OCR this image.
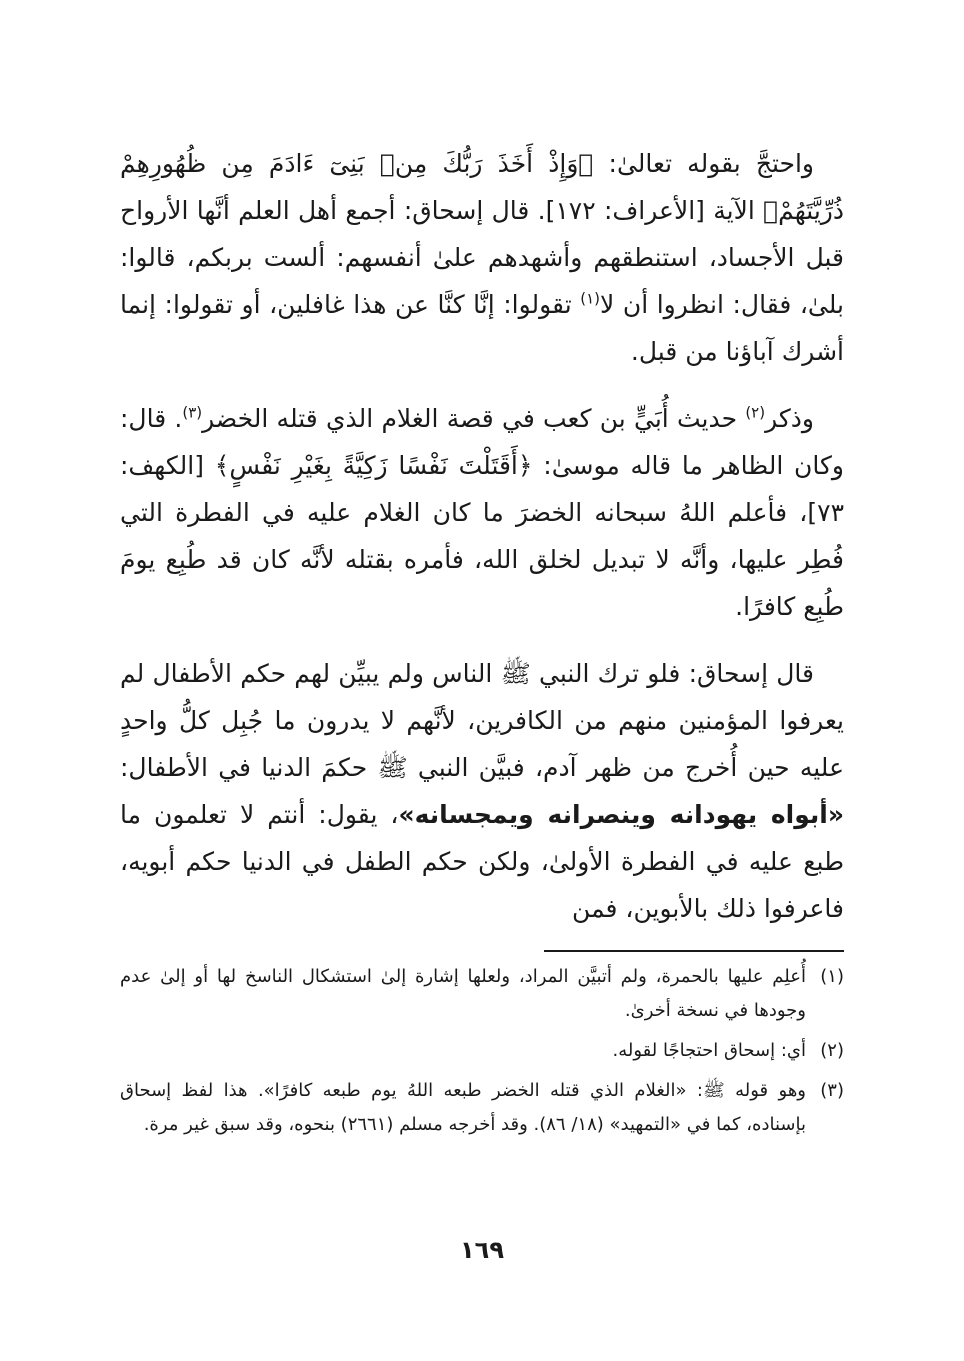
واحتجَّ بقوله تعالىٰ: ﴿وَإِذْ أَخَذَ رَبُّكَ مِنۢ بَنِىٓ ءَادَمَ مِن ظُهُورِهِمْ ذُرِّيَّتَهُمْ﴾ الآية [الأعراف: ١٧٢]. قال إسحاق: أجمع أهل العلم أنَّها الأرواح قبل الأجساد، استنطقهم وأشهدهم علىٰ أنفسهم: ألست بربكم، قالوا: بلىٰ، فقال: انظروا أن لا$^{(١)}$ تقولوا: إنَّا كنَّا عن هذا غافلين، أو تقولوا: إنما أشرك آباؤنا من قبل.

وذكر$^{(٢)}$ حديث أُبَيٍّ بن كعب في قصة الغلام الذي قتله الخضر$^{(٣)}$. قال: وكان الظاهر ما قاله موسىٰ: ﴿أَقَتَلْتَ نَفْسًا زَكِيَّةً بِغَيْرِ نَفْسٍ﴾ [الكهف: ٧٣]، فأعلم اللهُ سبحانه الخضرَ ما كان الغلام عليه في الفطرة التي فُطِر عليها، وأنَّه لا تبديل لخلق الله، فأمره بقتله لأنَّه كان قد طُبِع يومَ طُبِع كافرًا.

قال إسحاق: فلو ترك النبي ﷺ الناس ولم يبيِّن لهم حكم الأطفال لم يعرفوا المؤمنين منهم من الكافرين، لأنَّهم لا يدرون ما جُبِل كلُّ واحدٍ عليه حين أُخرج من ظهر آدم، فبيَّن النبي ﷺ حكمَ الدنيا في الأطفال: «أبواه يهودانه وينصرانه ويمجسانه»، يقول: أنتم لا تعلمون ما طبع عليه في الفطرة الأولىٰ، ولكن حكم الطفل في الدنيا حكم أبويه، فاعرفوا ذلك بالأبوين، فمن

(١)
أُعلِم عليها بالحمرة، ولم أتبيَّن المراد، ولعلها إشارة إلىٰ استشكال الناسخ لها أو إلىٰ عدم وجودها في نسخة أخرىٰ.
(٢)
أي: إسحاق احتجاجًا لقوله.
(٣)
وهو قوله ﷺ: «الغلام الذي قتله الخضر طبعه اللهُ يوم طبعه كافرًا». هذا لفظ إسحاق بإسناده، كما في «التمهيد» (١٨/ ٨٦). وقد أخرجه مسلم (٢٦٦١) بنحوه، وقد سبق غير مرة.
١٦٩
